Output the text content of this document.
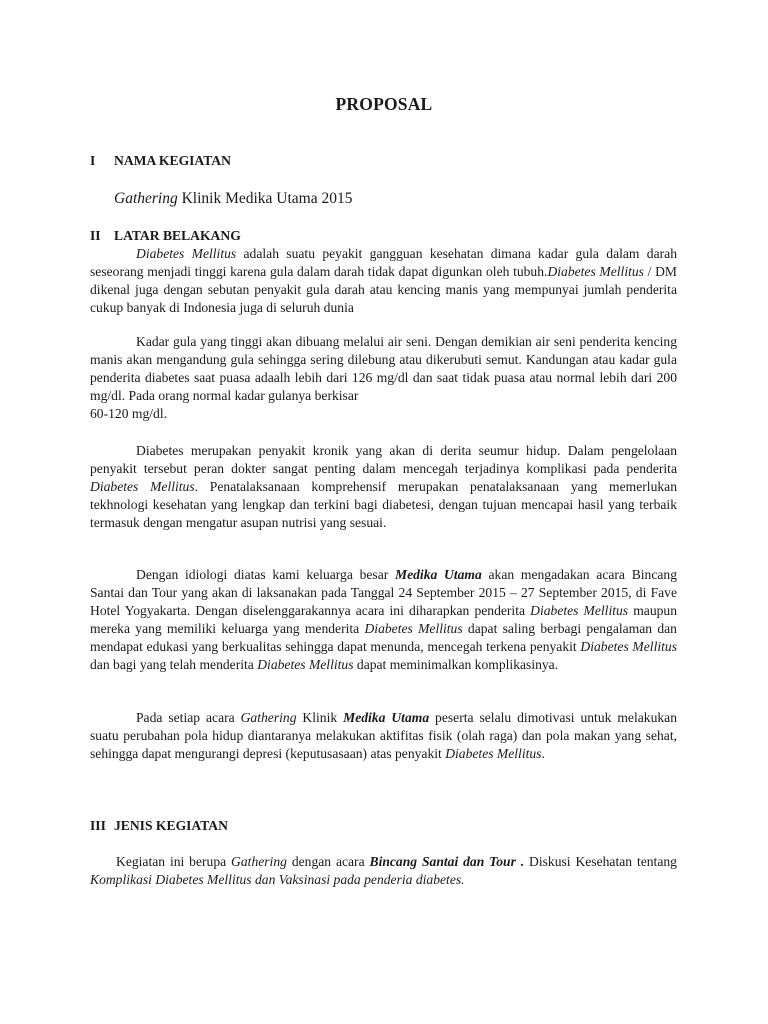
PROPOSAL
I NAMA KEGIATAN
Gathering Klinik Medika Utama 2015
II LATAR BELAKANG

Diabetes Mellitus adalah suatu peyakit gangguan kesehatan dimana kadar gula dalam darah seseorang menjadi tinggi karena gula dalam darah tidak dapat digunkan oleh tubuh.Diabetes Mellitus / DM dikenal juga dengan sebutan penyakit gula darah atau kencing manis yang mempunyai jumlah penderita cukup banyak di Indonesia juga di seluruh dunia

Kadar gula yang tinggi akan dibuang melalui air seni. Dengan demikian air seni penderita kencing manis akan mengandung gula sehingga sering dilebung atau dikerubuti semut. Kandungan atau kadar gula penderita diabetes saat puasa adaalh lebih dari 126 mg/dl dan saat tidak puasa atau normal lebih dari 200 mg/dl. Pada orang normal kadar gulanya berkisar
60-120 mg/dl.

Diabetes merupakan penyakit kronik yang akan di derita seumur hidup. Dalam pengelolaan penyakit tersebut peran dokter sangat penting dalam mencegah terjadinya komplikasi pada penderita Diabetes Mellitus. Penatalaksanaan komprehensif merupakan penatalaksanaan yang memerlukan tekhnologi kesehatan yang lengkap dan terkini bagi diabetesi, dengan tujuan mencapai hasil yang terbaik termasuk dengan mengatur asupan nutrisi yang sesuai.

Dengan idiologi diatas kami keluarga besar Medika Utama akan mengadakan acara Bincang Santai dan Tour yang akan di laksanakan pada Tanggal 24 September 2015 – 27 September 2015, di Fave Hotel Yogyakarta. Dengan diselenggarakannya acara ini diharapkan penderita Diabetes Mellitus maupun mereka yang memiliki keluarga yang menderita Diabetes Mellitus dapat saling berbagi pengalaman dan mendapat edukasi yang berkualitas sehingga dapat menunda, mencegah terkena penyakit Diabetes Mellitus dan bagi yang telah menderita Diabetes Mellitus dapat meminimalkan komplikasinya.

Pada setiap acara Gathering Klinik Medika Utama peserta selalu dimotivasi untuk melakukan suatu perubahan pola hidup diantaranya melakukan aktifitas fisik (olah raga) dan pola makan yang sehat, sehingga dapat mengurangi depresi (keputusasaan) atas penyakit Diabetes Mellitus.

III JENIS KEGIATAN

Kegiatan ini berupa Gathering dengan acara Bincang Santai dan Tour . Diskusi Kesehatan tentang Komplikasi Diabetes Mellitus dan Vaksinasi pada penderia diabetes.
